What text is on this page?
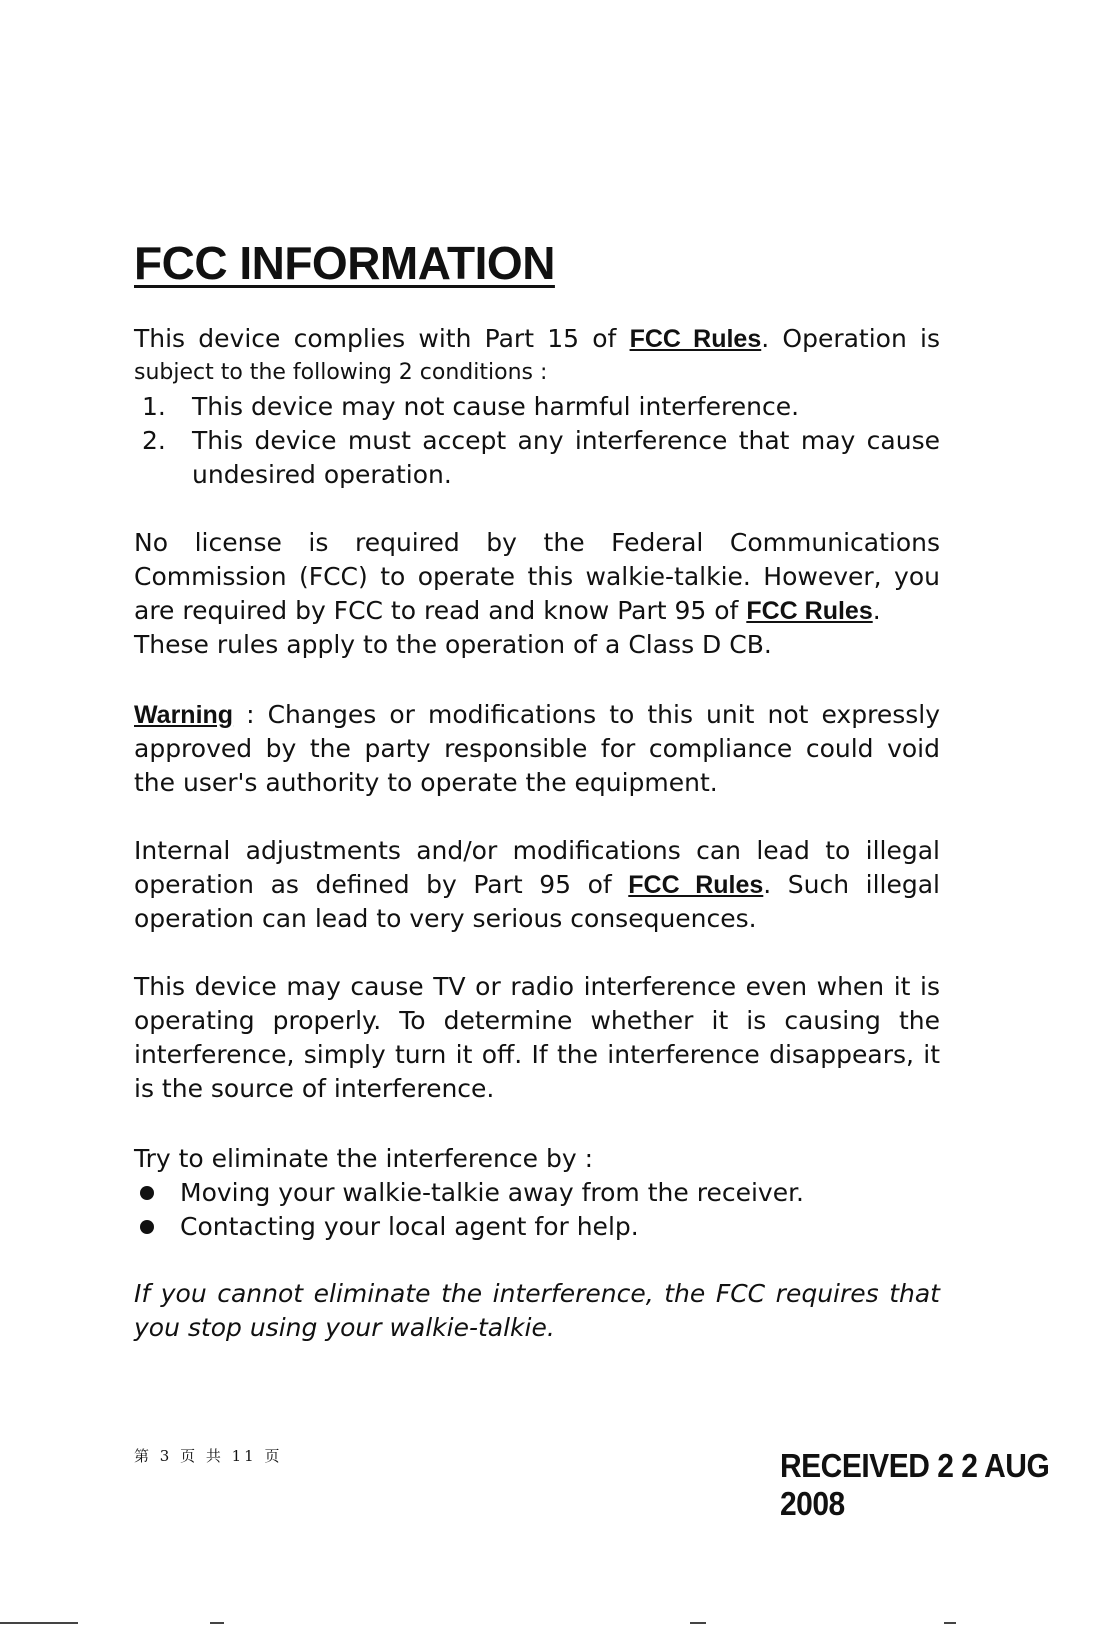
FCC INFORMATION

This device complies with Part 15 of FCC Rules. Operation is

subject to the following 2 conditions :

1. This device may not cause harmful interference.
2. This device must accept any interference that may cause undesired operation.

No license is required by the Federal Communications Commission (FCC) to operate this walkie-talkie. However, you are required by FCC to read and know Part 95 of FCC Rules.

These rules apply to the operation of a Class D CB.

Warning : Changes or modifications to this unit not expressly approved by the party responsible for compliance could void the user's authority to operate the equipment.

Internal adjustments and/or modifications can lead to illegal operation as defined by Part 95 of FCC Rules. Such illegal operation can lead to very serious consequences.

This device may cause TV or radio interference even when it is operating properly. To determine whether it is causing the interference, simply turn it off. If the interference disappears, it is the source of interference.

Try to eliminate the interference by :

Moving your walkie-talkie away from the receiver.
Contacting your local agent for help.

If you cannot eliminate the interference, the FCC requires that you stop using your walkie-talkie.

第 3 页 共 11 页	RECEIVED 2 2 AUG 2008
